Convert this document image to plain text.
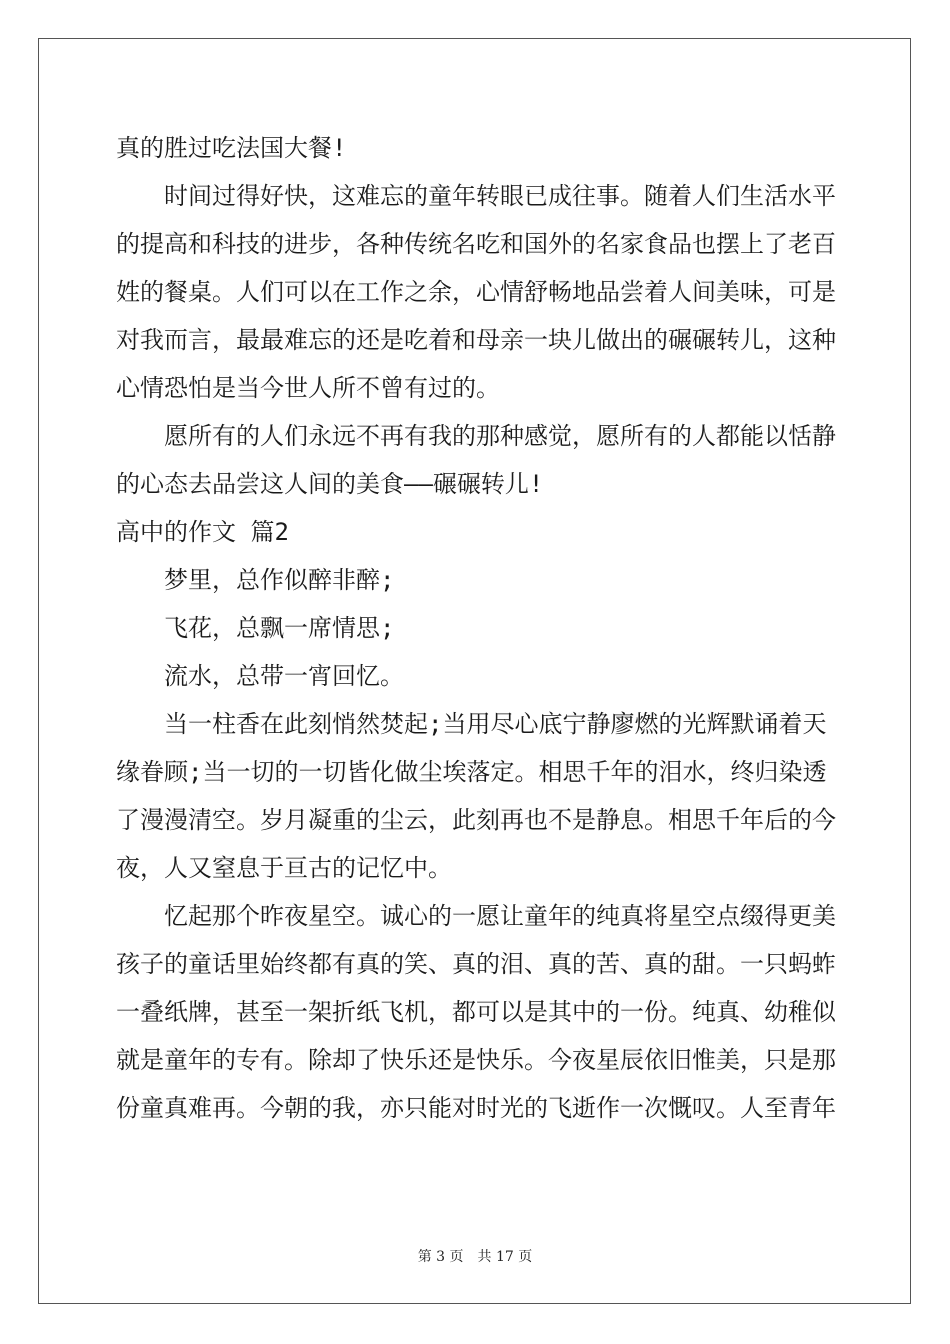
真的胜过吃法国大餐!
时间过得好快，这难忘的童年转眼已成往事。随着人们生活水平
的提高和科技的进步，各种传统名吃和国外的名家食品也摆上了老百
姓的餐桌。人们可以在工作之余，心情舒畅地品尝着人间美味，可是
对我而言，最最难忘的还是吃着和母亲一块儿做出的碾碾转儿，这种
心情恐怕是当今世人所不曾有过的。
愿所有的人们永远不再有我的那种感觉，愿所有的人都能以恬静
的心态去品尝这人间的美食——碾碾转儿!
高中的作文 篇2
梦里，总作似醉非醉;
飞花，总飘一席情思;
流水，总带一宵回忆。
当一柱香在此刻悄然焚起;当用尽心底宁静廖燃的光辉默诵着天
缘眷顾;当一切的一切皆化做尘埃落定。相思千年的泪水，终归染透
了漫漫清空。岁月凝重的尘云，此刻再也不是静息。相思千年后的今
夜，人又窒息于亘古的记忆中。
忆起那个昨夜星空。诚心的一愿让童年的纯真将星空点缀得更美
孩子的童话里始终都有真的笑、真的泪、真的苦、真的甜。一只蚂蚱
一叠纸牌，甚至一架折纸飞机，都可以是其中的一份。纯真、幼稚似
就是童年的专有。除却了快乐还是快乐。今夜星辰依旧惟美，只是那
份童真难再。今朝的我，亦只能对时光的飞逝作一次慨叹。人至青年
第 3 页 共 17 页
